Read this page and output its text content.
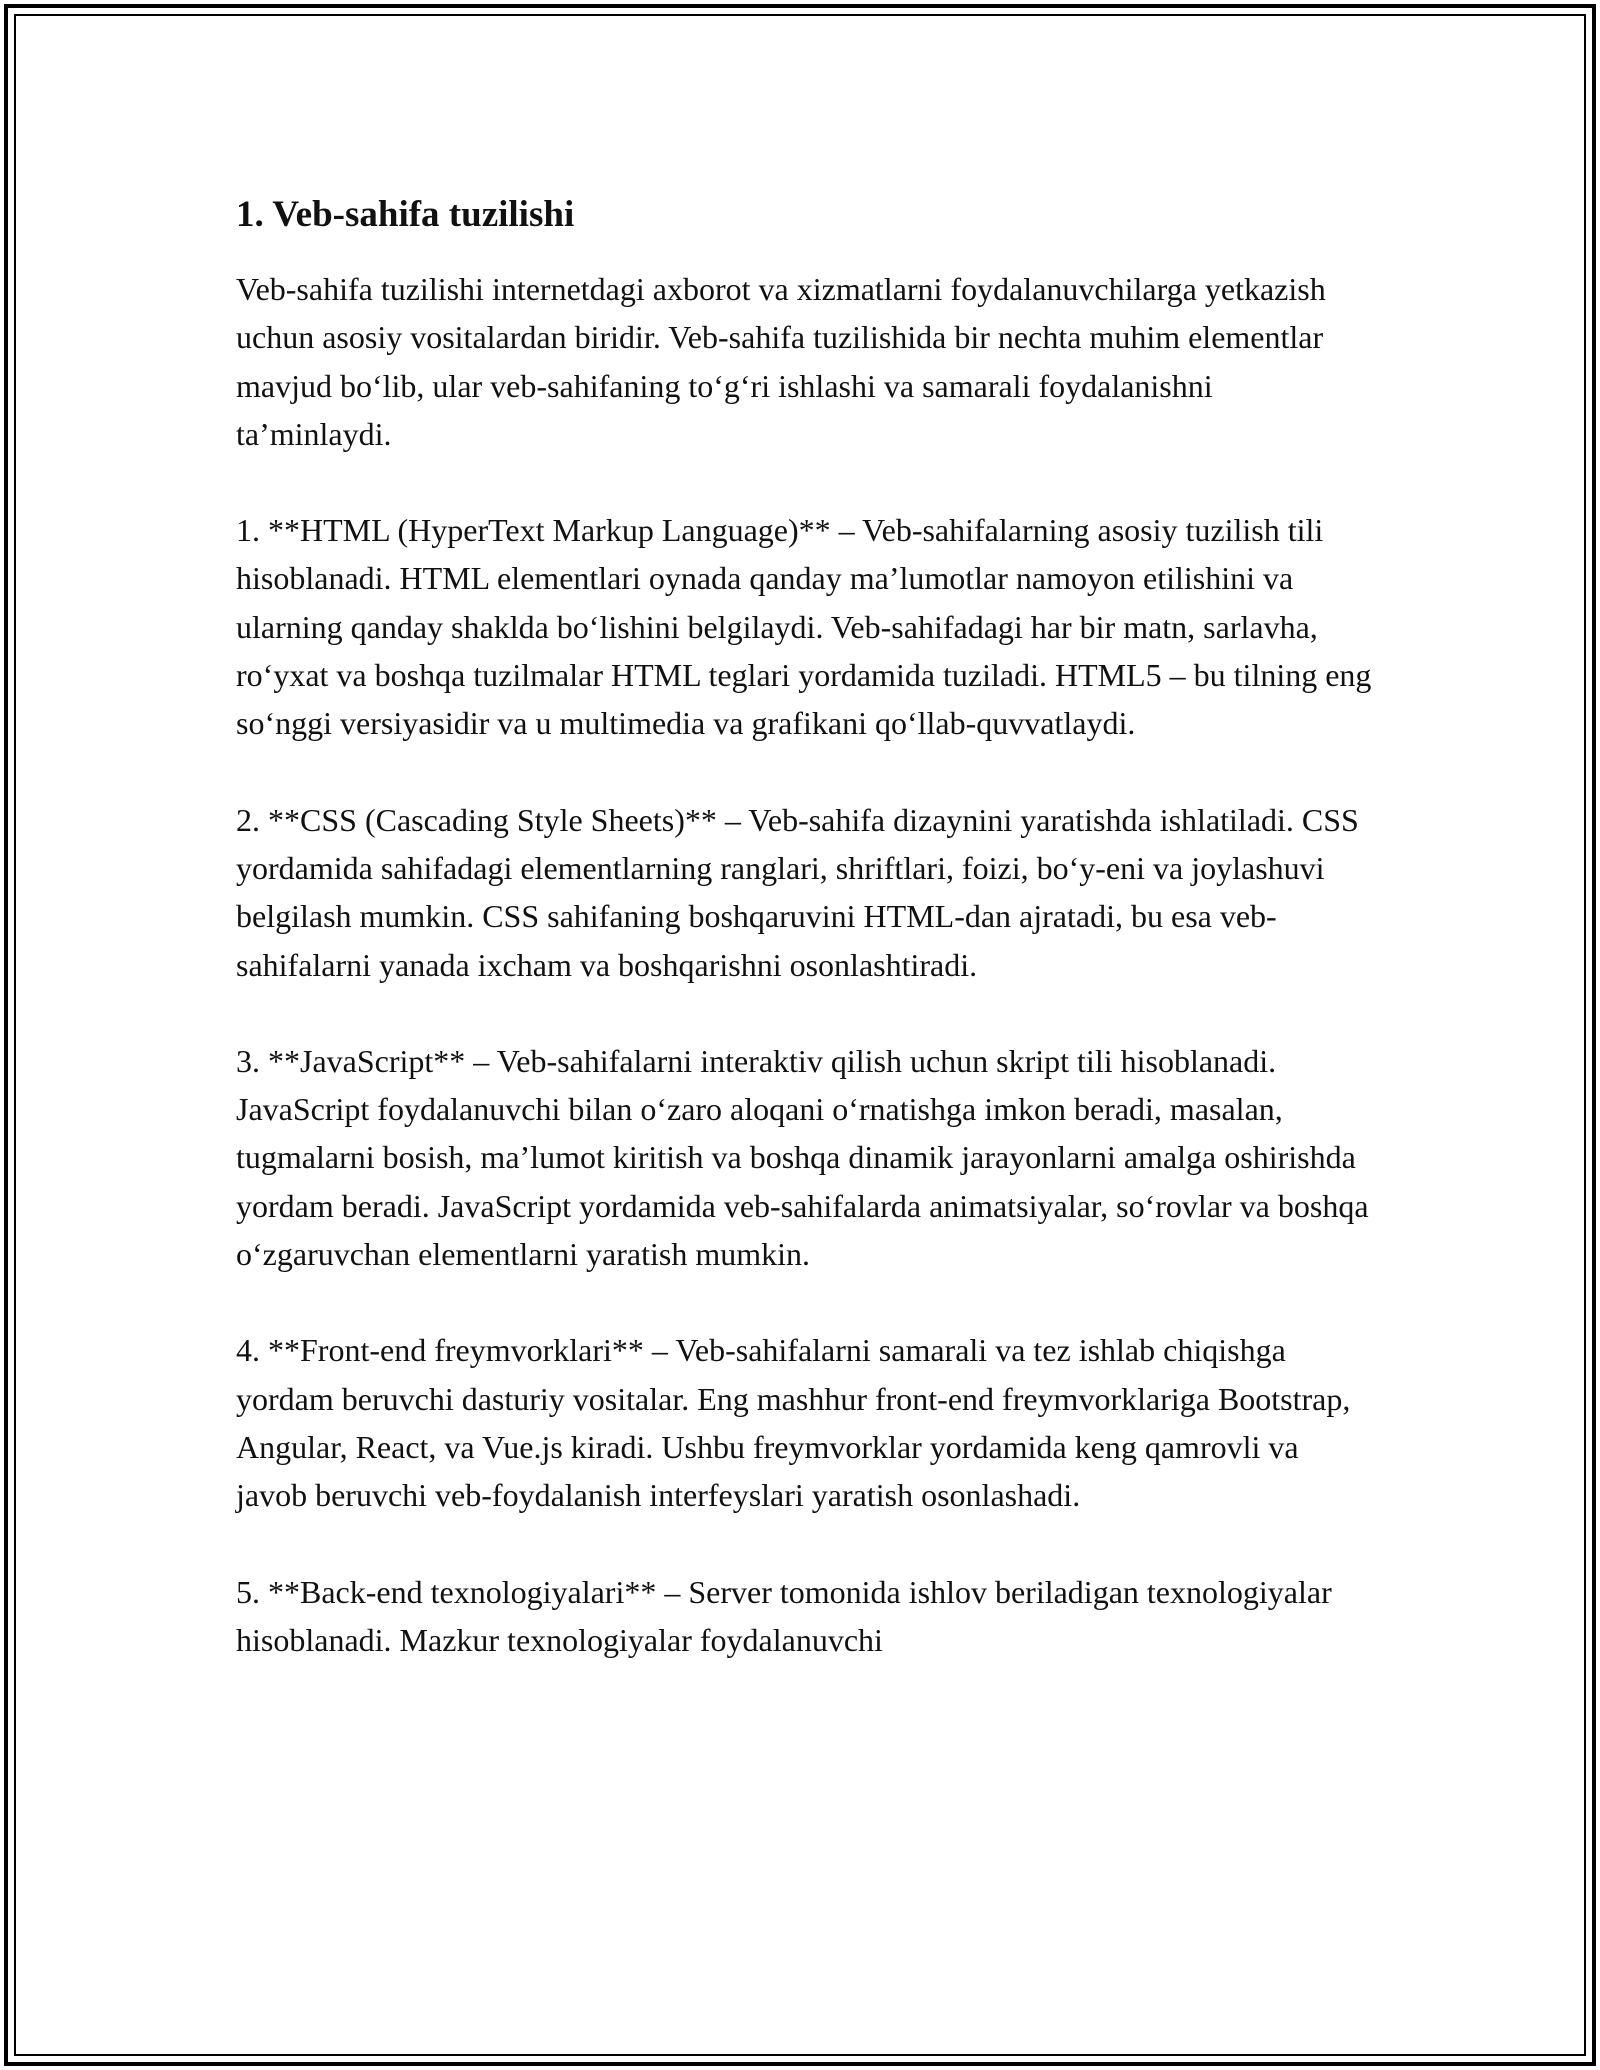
1. Veb-sahifa tuzilishi

Veb-sahifa tuzilishi internetdagi axborot va xizmatlarni foydalanuvchilarga yetkazish uchun asosiy vositalardan biridir. Veb-sahifa tuzilishida bir nechta muhim elementlar mavjud bo‘lib, ular veb-sahifaning to‘g‘ri ishlashi va samarali foydalanishni ta’minlaydi.

1. **HTML (HyperText Markup Language)** – Veb-sahifalarning asosiy tuzilish tili hisoblanadi. HTML elementlari oynada qanday ma’lumotlar namoyon etilishini va ularning qanday shaklda bo‘lishini belgilaydi. Veb-sahifadagi har bir matn, sarlavha, ro‘yxat va boshqa tuzilmalar HTML teglari yordamida tuziladi. HTML5 – bu tilning eng so‘nggi versiyasidir va u multimedia va grafikani qo‘llab-quvvatlaydi.

2. **CSS (Cascading Style Sheets)** – Veb-sahifa dizaynini yaratishda ishlatiladi. CSS yordamida sahifadagi elementlarning ranglari, shriftlari, foizi, bo‘y-eni va joylashuvi belgilash mumkin. CSS sahifaning boshqaruvini HTML-dan ajratadi, bu esa veb-sahifalarni yanada ixcham va boshqarishni osonlashtiradi.

3. **JavaScript** – Veb-sahifalarni interaktiv qilish uchun skript tili hisoblanadi. JavaScript foydalanuvchi bilan o‘zaro aloqani o‘rnatishga imkon beradi, masalan, tugmalarni bosish, ma’lumot kiritish va boshqa dinamik jarayonlarni amalga oshirishda yordam beradi. JavaScript yordamida veb-sahifalarda animatsiyalar, so‘rovlar va boshqa o‘zgaruvchan elementlarni yaratish mumkin.

4. **Front-end freymvorklari** – Veb-sahifalarni samarali va tez ishlab chiqishga yordam beruvchi dasturiy vositalar. Eng mashhur front-end freymvorklariga Bootstrap, Angular, React, va Vue.js kiradi. Ushbu freymvorklar yordamida keng qamrovli va javob beruvchi veb-foydalanish interfeyslari yaratish osonlashadi.

5. **Back-end texnologiyalari** – Server tomonida ishlov beriladigan texnologiyalar hisoblanadi. Mazkur texnologiyalar foydalanuvchi
